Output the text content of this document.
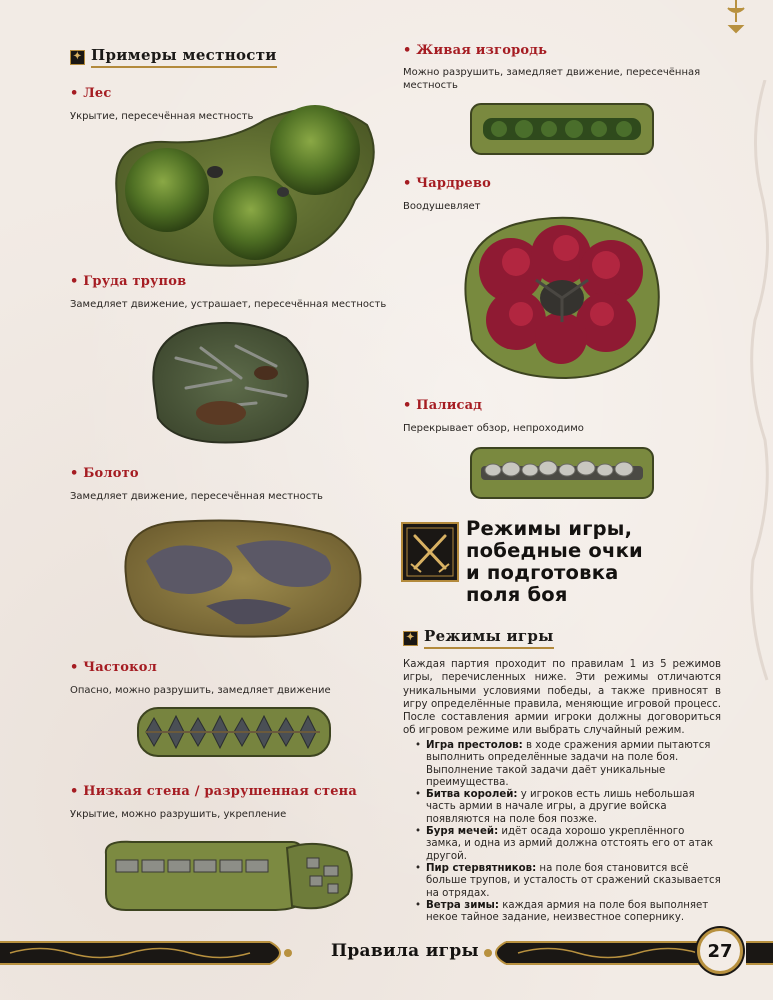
✦ Примеры местности
• Лес
Укрытие, пересечённая местность
• Груда трупов
Замедляет движение, устрашает, пересечённая местность
• Болото
Замедляет движение, пересечённая местность
• Частокол
Опасно, можно разрушить, замедляет движение
• Низкая стена / разрушенная стена
Укрытие, можно разрушить, укрепление
• Живая изгородь
Можно разрушить, замедляет движение, пересечённая местность
• Чардрево
Воодушевляет
• Палисад
Перекрывает обзор, непроходимо
Режимы игры,
победные очки
и подготовка
поля боя
✦ Режимы игры
Каждая партия проходит по правилам 1 из 5 режимов игры, перечисленных ниже. Эти режимы отличаются уникальными условиями победы, а также привносят в игру определённые правила, меняющие игровой процесс. После составления армии игроки должны договориться об игровом режиме или выбрать случайный режим.
• Игра престолов: в ходе сражения армии пытаются выполнить определённые задачи на поле боя. Выполнение такой задачи даёт уникальные преимущества.
• Битва королей: у игроков есть лишь небольшая часть армии в начале игры, а другие войска появляются на поле боя позже.
• Буря мечей: идёт осада хорошо укреплённого замка, и одна из армий должна отстоять его от атак другой.
• Пир стервятников: на поле боя становится всё больше трупов, и усталость от сражений сказывается на отрядах.
• Ветра зимы: каждая армия на поле боя выполняет некое тайное задание, неизвестное сопернику.
Правила игры	27
